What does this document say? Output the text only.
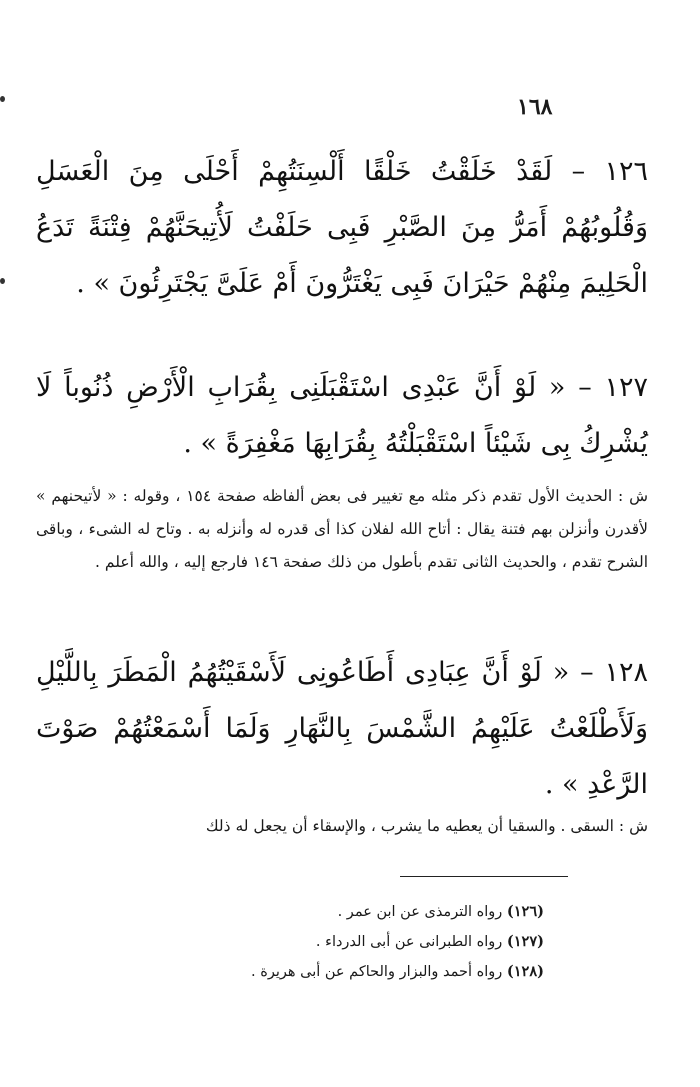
١٦٨
١٢٦ – لَقَدْ خَلَقْتُ خَلْقًا أَلْسِنَتُهِمْ أَحْلَى مِنَ الْعَسَلِ وَقُلُوبُهُمْ أَمَرُّ مِنَ الصَّبْرِ فَبِى حَلَفْتُ لَأُتِيحَنَّهُمْ فِتْنَةً تَدَعُ الْحَلِيمَ مِنْهُمْ حَيْرَانَ فَبِى يَغْتَرُّونَ أَمْ عَلَىَّ يَجْتَرِئُونَ » .
١٢٧ – « لَوْ أَنَّ عَبْدِى اسْتَقْبَلَنِى بِقُرَابِ الْأَرْضِ ذُنُوباً لَا يُشْرِكُ بِى شَيْئاً اسْتَقْبَلْتُهُ بِقُرَابِهَا مَغْفِرَةً » .
ش : الحديث الأول تقدم ذكر مثله مع تغيير فى بعض ألفاظه صفحة ١٥٤ ، وقوله : « لأتيحنهم » لأقدرن وأنزلن بهم فتنة يقال : أتاح الله لفلان كذا أى قدره له وأنزله به . وتاح له الشىء ، وباقى الشرح تقدم ، والحديث الثانى تقدم بأطول من ذلك صفحة ١٤٦ فارجع إليه ، والله أعلم .
١٢٨ – « لَوْ أَنَّ عِبَادِى أَطَاعُونِى لَأَسْقَيْتُهُمُ الْمَطَرَ بِاللَّيْلِ وَلَأَطْلَعْتُ عَلَيْهِمُ الشَّمْسَ بِالنَّهَارِ وَلَمَا أَسْمَعْتُهُمْ صَوْتَ الرَّعْدِ » .
ش : السقى . والسقيا أن يعطيه ما يشرب ، والإسقاء أن يجعل له ذلك
(١٢٦) رواه الترمذى عن ابن عمر .
(١٢٧) رواه الطبرانى عن أبى الدرداء .
(١٢٨) رواه أحمد والبزار والحاكم عن أبى هريرة .
